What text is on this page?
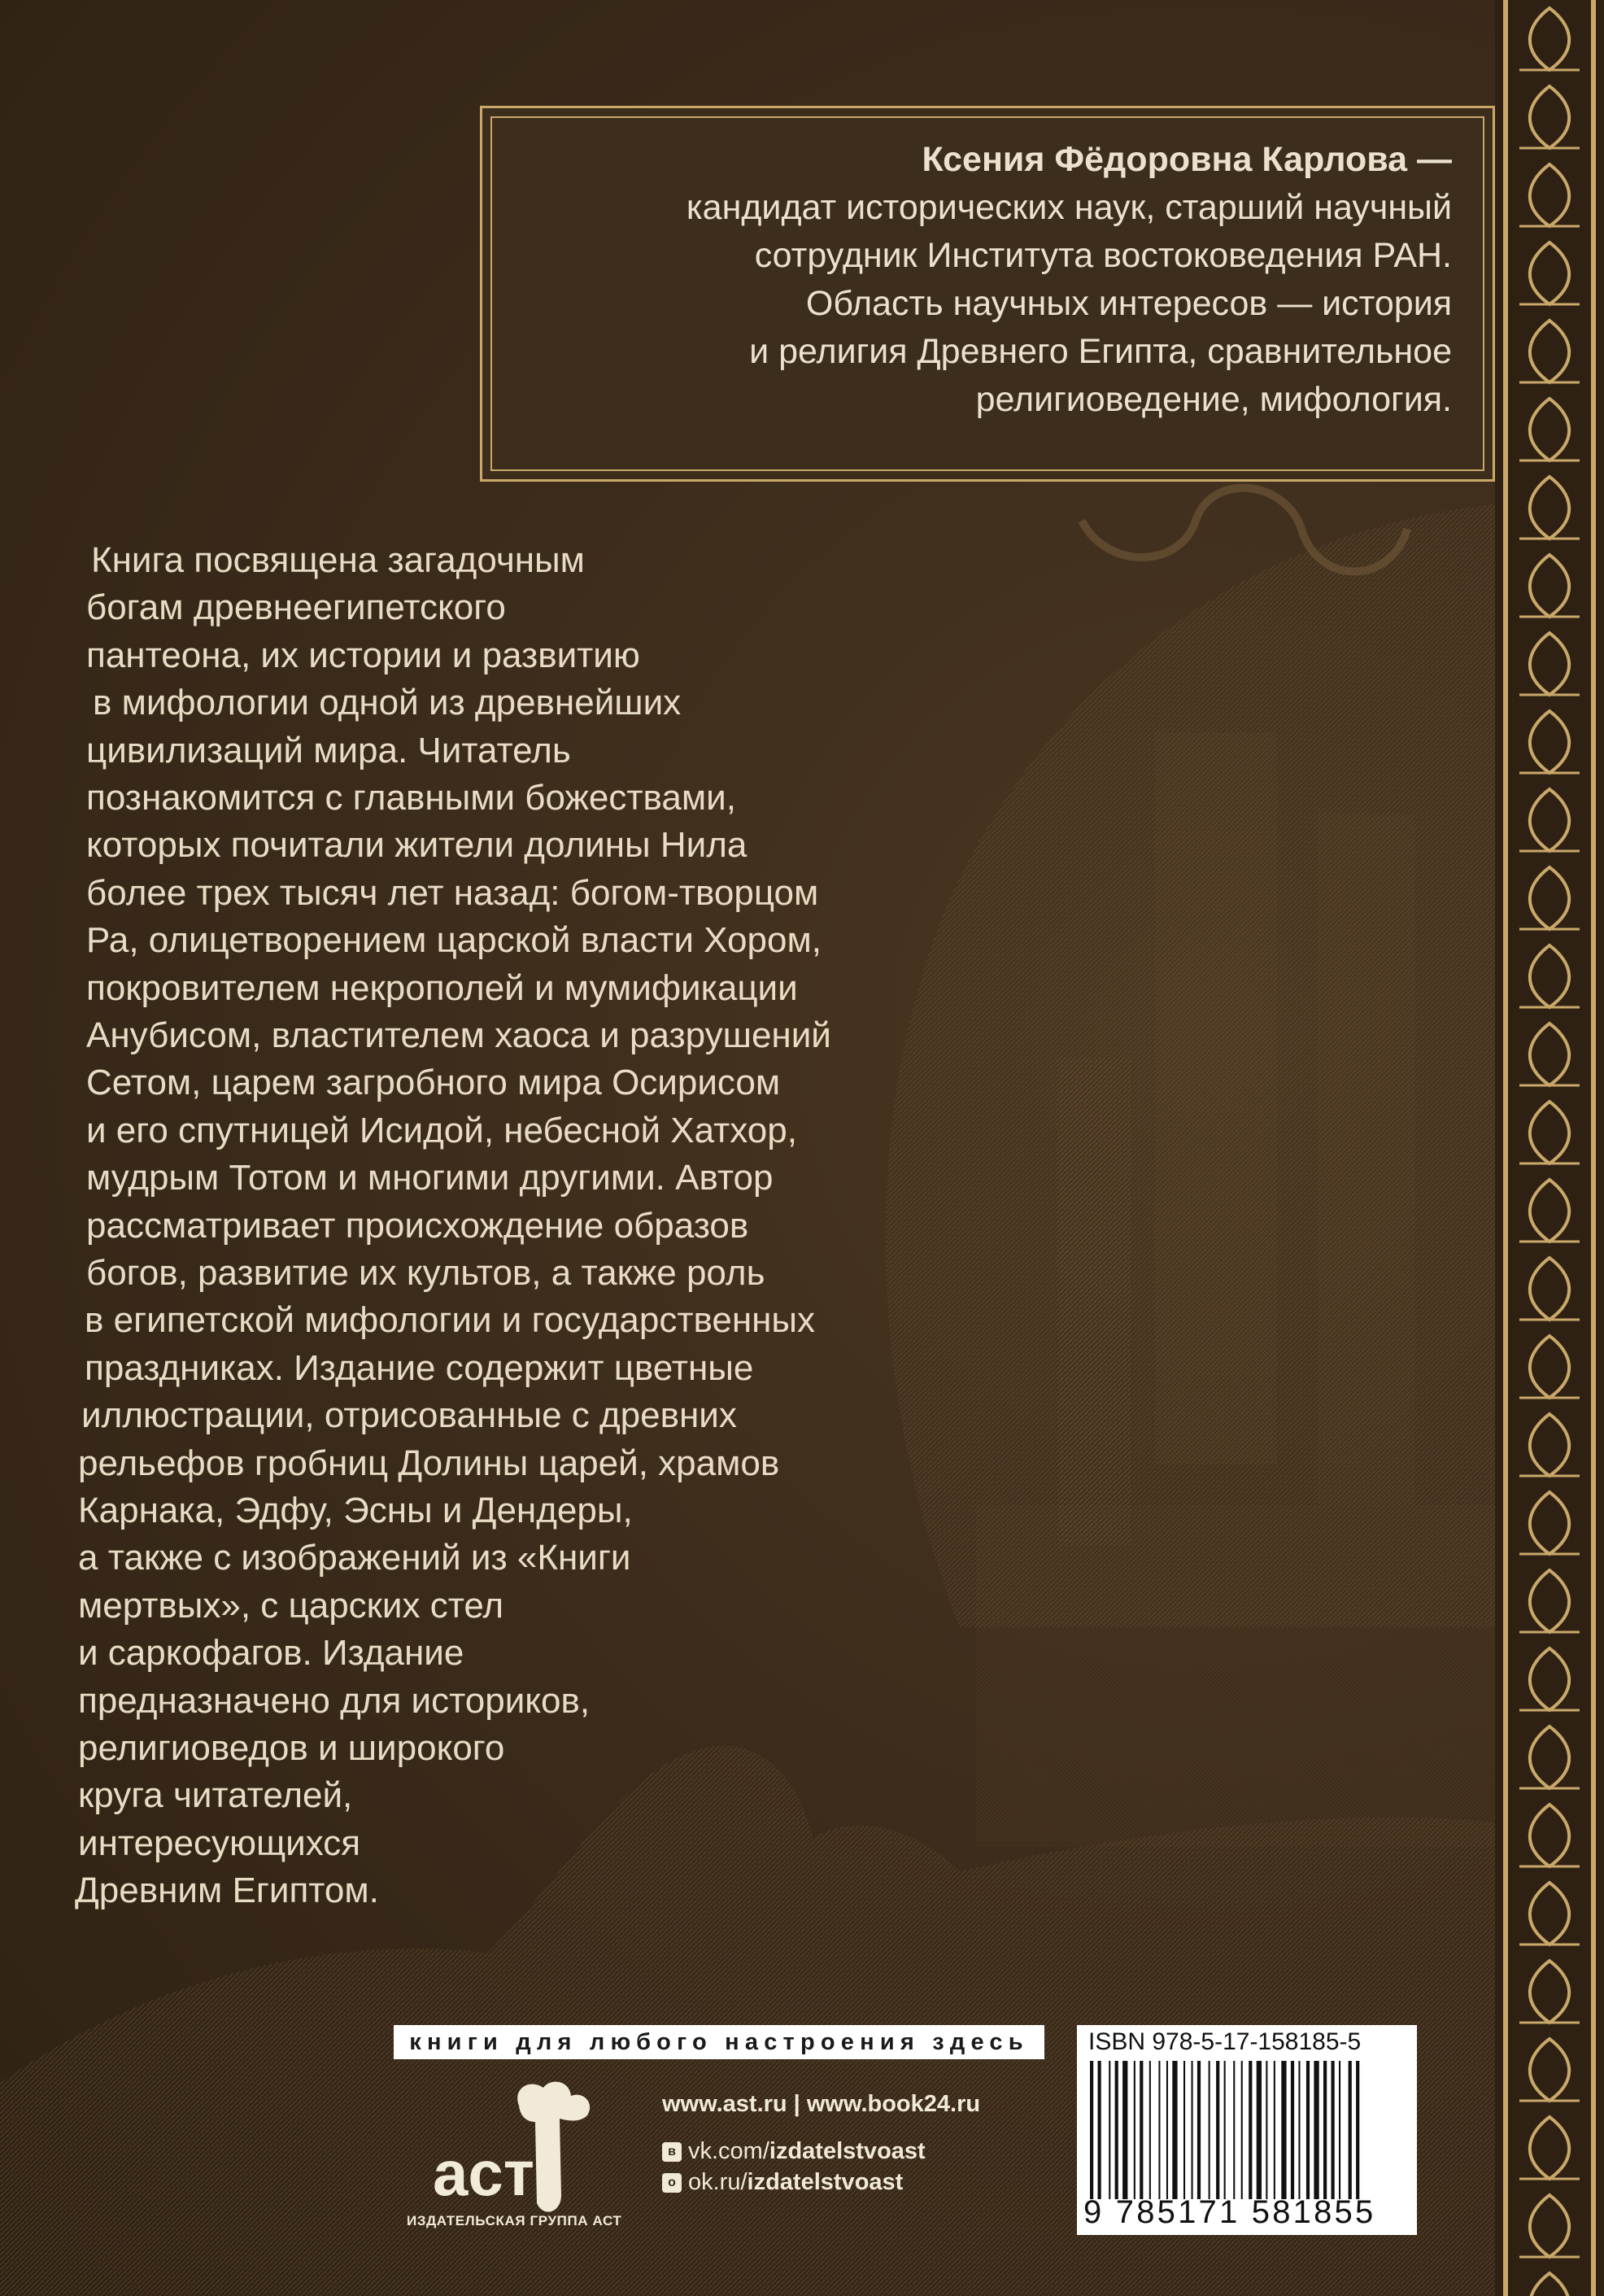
Ксения Фёдоровна Карлова —
кандидат исторических наук, старший научный
сотрудник Института востоковедения РАН.
Область научных интересов — история
и религия Древнего Египта, сравнительное
религиоведение, мифология.
Книга посвящена загадочным
богам древнеегипетского
пантеона, их истории и развитию
в мифологии одной из древнейших
цивилизаций мира. Читатель
познакомится с главными божествами,
которых почитали жители долины Нила
более трех тысяч лет назад: богом-творцом
Ра, олицетворением царской власти Хором,
покровителем некрополей и мумификации
Анубисом, властителем хаоса и разрушений
Сетом, царем загробного мира Осирисом
и его спутницей Исидой, небесной Хатхор,
мудрым Тотом и многими другими. Автор
рассматривает происхождение образов
богов, развитие их культов, а также роль
в египетской мифологии и государственных
праздниках. Издание содержит цветные
иллюстрации, отрисованные с древних
рельефов гробниц Долины царей, храмов
Карнака, Эдфу, Эсны и Дендеры,
а также с изображений из «Книги
мертвых», с царских стел
и саркофагов. Издание
предназначено для историков,
религиоведов и широкого
круга читателей,
интересующихся
Древним Египтом.
книги для любого настроения здесь
аст
ИЗДАТЕЛЬСКАЯ ГРУППА АСТ
www.ast.ru | www.book24.ru
в vk.com/izdatelstvoast
о ok.ru/izdatelstvoast
ISBN 978-5-17-158185-5
9 785171 581855
